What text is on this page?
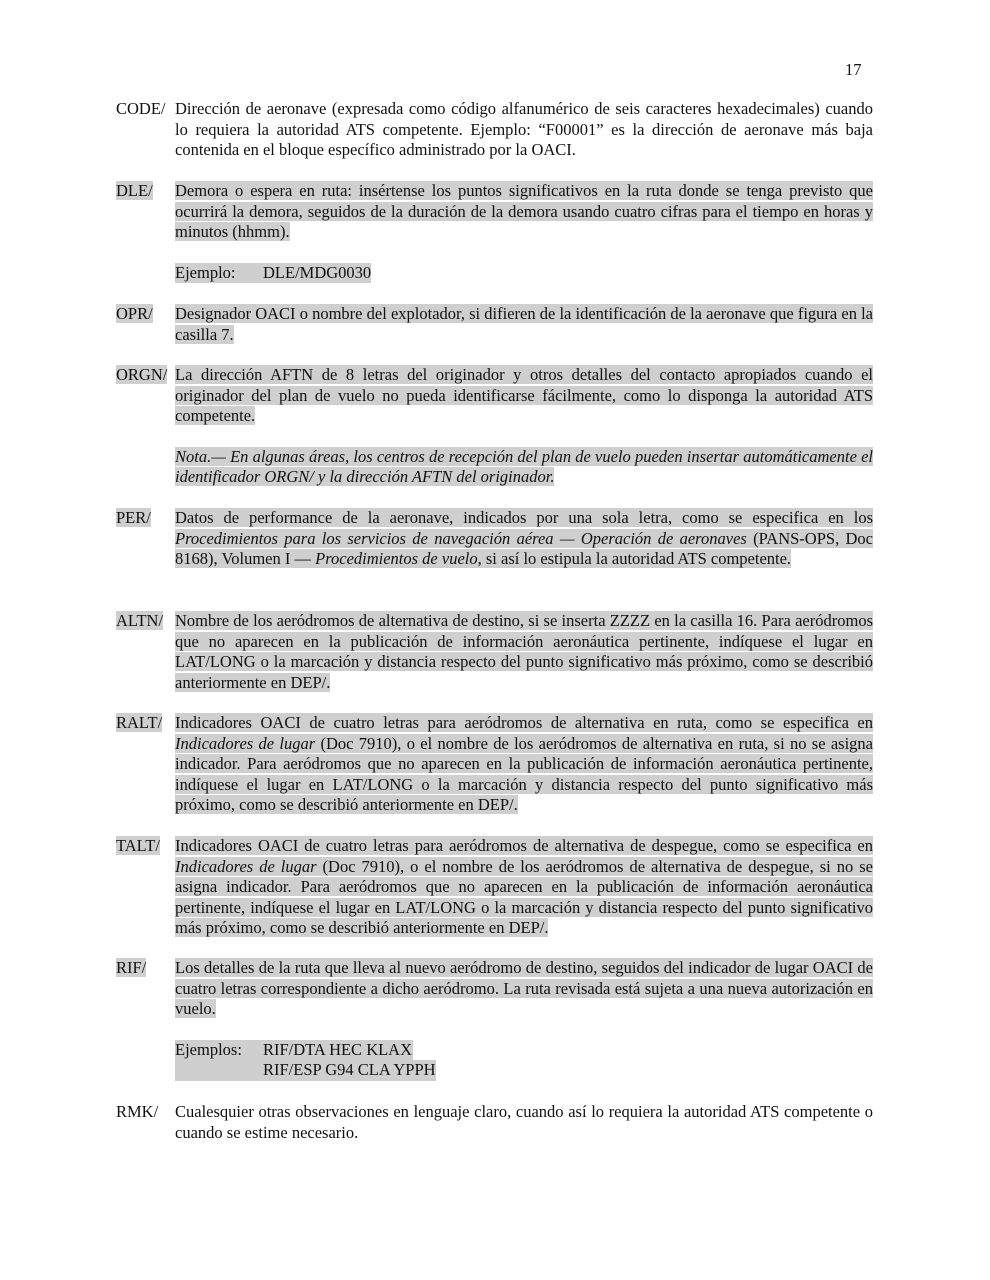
17
CODE/ Dirección de aeronave (expresada como código alfanumérico de seis caracteres hexadecimales) cuando lo requiera la autoridad ATS competente. Ejemplo: “F00001” es la dirección de aeronave más baja contenida en el bloque específico administrado por la OACI.

DLE/	Demora o espera en ruta: insértense los puntos significativos en la ruta donde se tenga previsto que ocurrirá la demora, seguidos de la duración de la demora usando cuatro cifras para el tiempo en horas y minutos (hhmm).

Ejemplo: DLE/MDG0030
OPR/	Designador OACI o nombre del explotador, si difieren de la identificación de la aeronave que figura en la casilla 7.

ORGN/ La dirección AFTN de 8 letras del originador y otros detalles del contacto apropiados cuando el originador del plan de vuelo no pueda identificarse fácilmente, como lo disponga la autoridad ATS competente.

Nota.— En algunas áreas, los centros de recepción del plan de vuelo pueden insertar automáticamente el identificador ORGN/ y la dirección AFTN del originador.

PER/	Datos de performance de la aeronave, indicados por una sola letra, como se especifica en los Procedimientos para los servicios de navegación aérea — Operación de aeronaves (PANS-OPS, Doc 8168), Volumen I — Procedimientos de vuelo, si así lo estipula la autoridad ATS competente.

ALTN/ Nombre de los aeródromos de alternativa de destino, si se inserta ZZZZ en la casilla 16. Para aeródromos que no aparecen en la publicación de información aeronáutica pertinente, indíquese el lugar en LAT/LONG o la marcación y distancia respecto del punto significativo más próximo, como se describió anteriormente en DEP/.

RALT/ Indicadores OACI de cuatro letras para aeródromos de alternativa en ruta, como se especifica en Indicadores de lugar (Doc 7910), o el nombre de los aeródromos de alternativa en ruta, si no se asigna indicador. Para aeródromos que no aparecen en la publicación de información aeronáutica pertinente, indíquese el lugar en LAT/LONG o la marcación y distancia respecto del punto significativo más próximo, como se describió anteriormente en DEP/.

TALT/ Indicadores OACI de cuatro letras para aeródromos de alternativa de despegue, como se especifica en Indicadores de lugar (Doc 7910), o el nombre de los aeródromos de alternativa de despegue, si no se asigna indicador. Para aeródromos que no aparecen en la publicación de información aeronáutica pertinente, indíquese el lugar en LAT/LONG o la marcación y distancia respecto del punto significativo más próximo, como se describió anteriormente en DEP/.

RIF/	Los detalles de la ruta que lleva al nuevo aeródromo de destino, seguidos del indicador de lugar OACI de cuatro letras correspondiente a dicho aeródromo. La ruta revisada está sujeta a una nueva autorización en vuelo.

Ejemplos: RIF/DTA HEC KLAX
RIF/ESP G94 CLA YPPH
RMK/	Cualesquier otras observaciones en lenguaje claro, cuando así lo requiera la autoridad ATS competente o cuando se estime necesario.
